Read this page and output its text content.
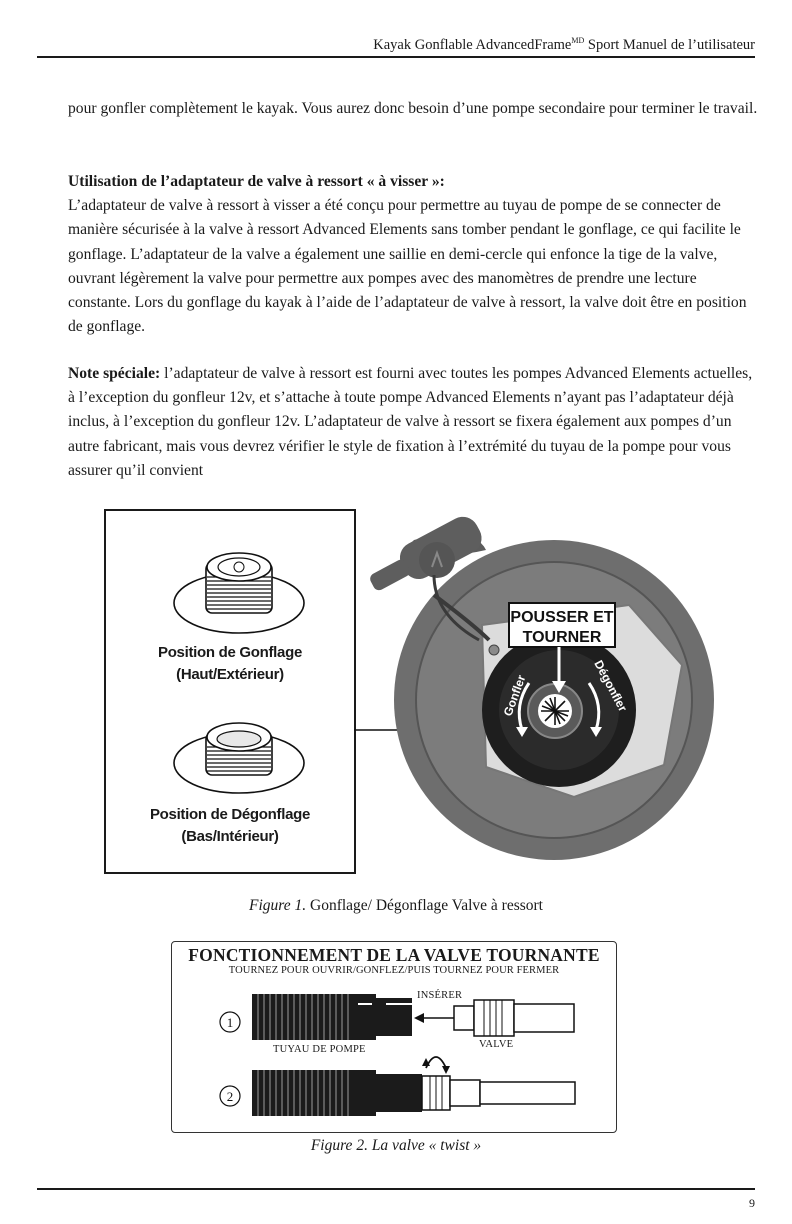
Kayak Gonflable AdvancedFrame$^{MD}$ Sport Manuel de l’utilisateur

pour gonfler complètement le kayak. Vous aurez donc besoin d’une pompe secondaire pour terminer le travail.

Utilisation de l’adaptateur de valve à ressort « à visser »:
L’adaptateur de valve à ressort à visser a été conçu pour permettre au tuyau de pompe de se connecter de manière sécurisée à la valve à ressort Advanced Elements sans tomber pendant le gonflage, ce qui facilite le gonflage. L’adaptateur de la valve a également une saillie en demi-cercle qui enfonce la tige de la valve, ouvrant légèrement la valve pour permettre aux pompes avec des manomètres de prendre une lecture constante. Lors du gonflage du kayak à l’aide de l’adaptateur de valve à ressort, la valve doit être en position de gonflage.

Note spéciale: l’adaptateur de valve à ressort est fourni avec toutes les pompes Advanced Elements actuelles, à l’exception du gonfleur 12v, et s’attache à toute pompe Advanced Elements n’ayant pas l’adaptateur déjà inclus, à l’exception du gonfleur 12v. L’adaptateur de valve à ressort se fixera également aux pompes d’un autre fabricant, mais vous devrez vérifier le style de fixation à l’extrémité du tuyau de la pompe pour vous assurer qu’il convient

Position de Gonflage
(Haut/Extérieur)
Position de Dégonflage
(Bas/Intérieur)
POUSSER ET
TOURNER
Gonfler	Dégonfler
Figure 1. Gonflage/ Dégonflage Valve à ressort
FONCTIONNEMENT DE LA VALVE TOURNANTE
TOURNEZ POUR OUVRIR/GONFLEZ/PUIS TOURNEZ POUR FERMER
1
2
INSÉRER
TUYAU DE POMPE	VALVE
Figure 2. La valve « twist »
9
